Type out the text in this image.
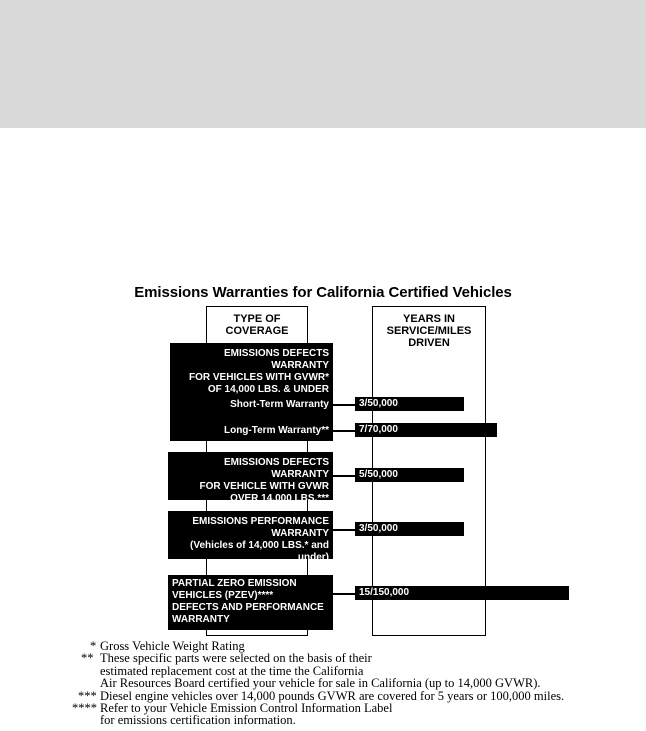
Emissions Warranties for California Certified Vehicles
TYPE OF
COVERAGE
YEARS IN
SERVICE/MILES
DRIVEN
EMISSIONS DEFECTS WARRANTY
FOR VEHICLES WITH GVWR*
OF 14,000 LBS. & UNDER
Short-Term Warranty
Long-Term Warranty**
EMISSIONS DEFECTS WARRANTY
FOR VEHICLE WITH GVWR
OVER 14,000 LBS.***
EMISSIONS PERFORMANCE
WARRANTY
(Vehicles of 14,000 LBS.* and under)
PARTIAL ZERO EMISSION
VEHICLES (PZEV)****
DEFECTS AND PERFORMANCE
WARRANTY
3/50,000
7/70,000
5/50,000
3/50,000
15/150,000
* Gross Vehicle Weight Rating
** These specific parts were selected on the basis of their
estimated replacement cost at the time the California
Air Resources Board certified your vehicle for sale in California (up to 14,000 GVWR).
*** Diesel engine vehicles over 14,000 pounds GVWR are covered for 5 years or 100,000 miles.
**** Refer to your Vehicle Emission Control Information Label
for emissions certification information.
